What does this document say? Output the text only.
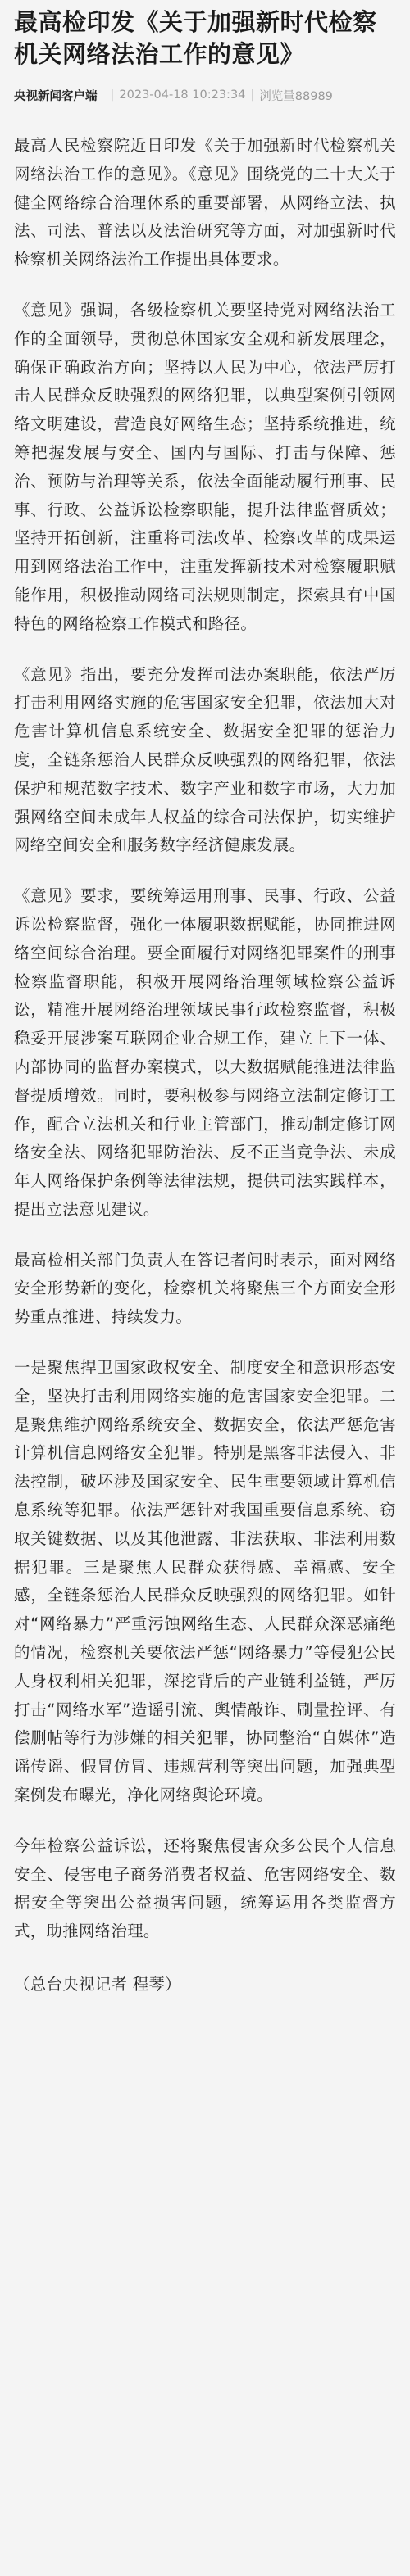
最高检印发《关于加强新时代检察机关网络法治工作的意见》
央视新闻客户端 | 2023-04-18 10:23:34 | 浏览量88989

最高人民检察院近日印发《关于加强新时代检察机关网络法治工作的意见》。《意见》围绕党的二十大关于健全网络综合治理体系的重要部署，从网络立法、执法、司法、普法以及法治研究等方面，对加强新时代检察机关网络法治工作提出具体要求。

《意见》强调，各级检察机关要坚持党对网络法治工作的全面领导，贯彻总体国家安全观和新发展理念，确保正确政治方向；坚持以人民为中心，依法严厉打击人民群众反映强烈的网络犯罪，以典型案例引领网络文明建设，营造良好网络生态；坚持系统推进，统筹把握发展与安全、国内与国际、打击与保障、惩治、预防与治理等关系，依法全面能动履行刑事、民事、行政、公益诉讼检察职能，提升法律监督质效；坚持开拓创新，注重将司法改革、检察改革的成果运用到网络法治工作中，注重发挥新技术对检察履职赋能作用，积极推动网络司法规则制定，探索具有中国特色的网络检察工作模式和路径。

《意见》指出，要充分发挥司法办案职能，依法严厉打击利用网络实施的危害国家安全犯罪，依法加大对危害计算机信息系统安全、数据安全犯罪的惩治力度，全链条惩治人民群众反映强烈的网络犯罪，依法保护和规范数字技术、数字产业和数字市场，大力加强网络空间未成年人权益的综合司法保护，切实维护网络空间安全和服务数字经济健康发展。

《意见》要求，要统筹运用刑事、民事、行政、公益诉讼检察监督，强化一体履职数据赋能，协同推进网络空间综合治理。要全面履行对网络犯罪案件的刑事检察监督职能，积极开展网络治理领域检察公益诉讼，精准开展网络治理领域民事行政检察监督，积极稳妥开展涉案互联网企业合规工作，建立上下一体、内部协同的监督办案模式，以大数据赋能推进法律监督提质增效。同时，要积极参与网络立法制定修订工作，配合立法机关和行业主管部门，推动制定修订网络安全法、网络犯罪防治法、反不正当竞争法、未成年人网络保护条例等法律法规，提供司法实践样本，提出立法意见建议。

最高检相关部门负责人在答记者问时表示，面对网络安全形势新的变化，检察机关将聚焦三个方面安全形势重点推进、持续发力。

一是聚焦捍卫国家政权安全、制度安全和意识形态安全，坚决打击利用网络实施的危害国家安全犯罪。二是聚焦维护网络系统安全、数据安全，依法严惩危害计算机信息网络安全犯罪。特别是黑客非法侵入、非法控制，破坏涉及国家安全、民生重要领域计算机信息系统等犯罪。依法严惩针对我国重要信息系统、窃取关键数据、以及其他泄露、非法获取、非法利用数据犯罪。三是聚焦人民群众获得感、幸福感、安全感，全链条惩治人民群众反映强烈的网络犯罪。如针对“网络暴力”严重污蚀网络生态、人民群众深恶痛绝的情况，检察机关要依法严惩“网络暴力”等侵犯公民人身权利相关犯罪，深挖背后的产业链利益链，严厉打击“网络水军”造谣引流、舆情敲诈、刷量控评、有偿删帖等行为涉嫌的相关犯罪，协同整治“自媒体”造谣传谣、假冒仿冒、违规营利等突出问题，加强典型案例发布曝光，净化网络舆论环境。

今年检察公益诉讼，还将聚焦侵害众多公民个人信息安全、侵害电子商务消费者权益、危害网络安全、数据安全等突出公益损害问题，统筹运用各类监督方式，助推网络治理。

（总台央视记者 程琴）
